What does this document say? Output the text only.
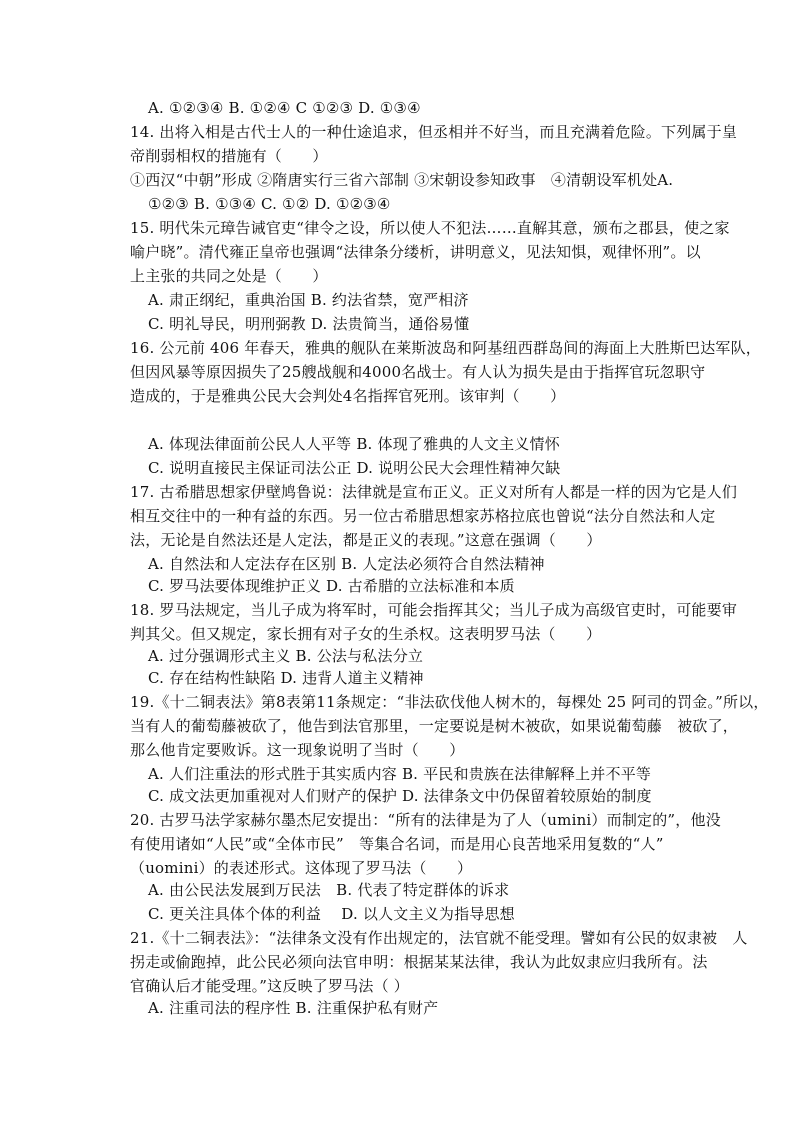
A. ①②③④ B. ①②④ C ①②③ D. ①③④
14. 出将入相是古代士人的一种仕途追求，但丞相并不好当，而且充满着危险。下列属于皇
帝削弱相权的措施有（　　）
①西汉“中朝”形成 ②隋唐实行三省六部制 ③宋朝设参知政事　④清朝设军机处A.
①②③ B. ①③④ C. ①② D. ①②③④
15. 明代朱元璋告诫官吏“律令之设，所以使人不犯法……直解其意，颁布之郡县，使之家
喻户晓”。清代雍正皇帝也强调“法律条分缕析，讲明意义，见法知惧，观律怀刑”。以
上主张的共同之处是（　　）
A. 肃正纲纪，重典治国 B. 约法省禁，宽严相济
C. 明礼导民，明刑弼教 D. 法贵简当，通俗易懂
16. 公元前 406 年春天，雅典的舰队在莱斯波岛和阿基纽西群岛间的海面上大胜斯巴达军队，
但因风暴等原因损失了25艘战舰和4000名战士。有人认为损失是由于指挥官玩忽职守
造成的，于是雅典公民大会判处4名指挥官死刑。该审判（　　）
A. 体现法律面前公民人人平等 B. 体现了雅典的人文主义情怀
C. 说明直接民主保证司法公正 D. 说明公民大会理性精神欠缺
17. 古希腊思想家伊壁鸠鲁说：法律就是宣布正义。正义对所有人都是一样的因为它是人们
相互交往中的一种有益的东西。另一位古希腊思想家苏格拉底也曾说“法分自然法和人定
法，无论是自然法还是人定法，都是正义的表现。”这意在强调（　　）
A. 自然法和人定法存在区别 B. 人定法必须符合自然法精神
C. 罗马法要体现维护正义 D. 古希腊的立法标准和本质
18. 罗马法规定，当儿子成为将军时，可能会指挥其父；当儿子成为高级官吏时，可能要审
判其父。但又规定，家长拥有对子女的生杀权。这表明罗马法（　　）
A. 过分强调形式主义 B. 公法与私法分立
C. 存在结构性缺陷 D. 违背人道主义精神
19.《十二铜表法》第8表第11条规定：“非法砍伐他人树木的，每棵处 25 阿司的罚金。”所以，
当有人的葡萄藤被砍了，他告到法官那里，一定要说是树木被砍，如果说葡萄藤　被砍了，
那么他肯定要败诉。这一现象说明了当时（　　）
A. 人们注重法的形式胜于其实质内容 B. 平民和贵族在法律解释上并不平等
C. 成文法更加重视对人们财产的保护 D. 法律条文中仍保留着较原始的制度
20. 古罗马法学家赫尔墨杰尼安提出：“所有的法律是为了人（umini）而制定的”，他没
有使用诸如“人民”或“全体市民”　等集合名词，而是用心良苦地采用复数的“人”
（uomini）的表述形式。这体现了罗马法（　　）
A. 由公民法发展到万民法　B. 代表了特定群体的诉求
C. 更关注具体个体的利益　 D. 以人文主义为指导思想
21.《十二铜表法》：“法律条文没有作出规定的，法官就不能受理。譬如有公民的奴隶被　人
拐走或偷跑掉，此公民必须向法官申明：根据某某法律，我认为此奴隶应归我所有。法
官确认后才能受理。”这反映了罗马法（ ）
A. 注重司法的程序性 B. 注重保护私有财产
